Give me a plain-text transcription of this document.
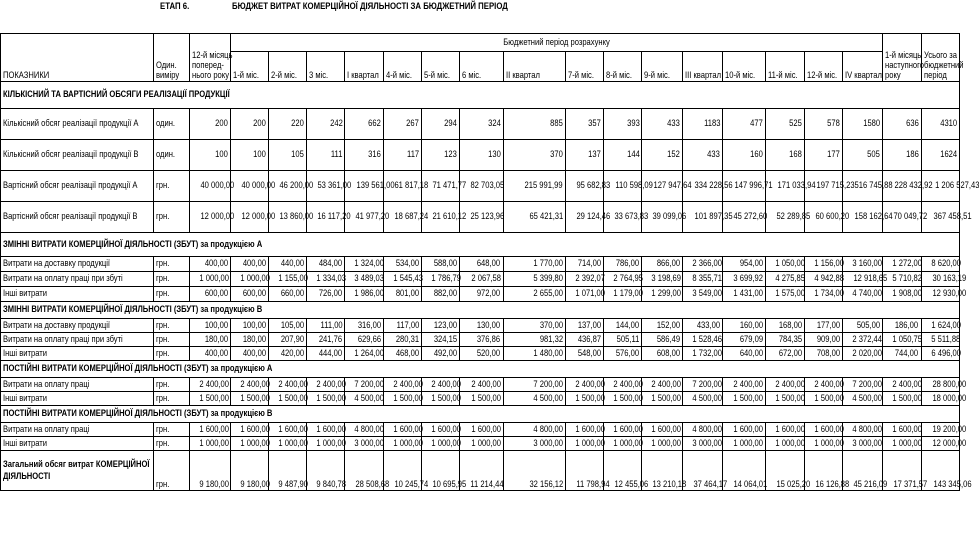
ЕТАП 6.	БЮДЖЕТ ВИТРАТ КОМЕРЦІЙНОЇ ДІЯЛЬНОСТІ ЗА БЮДЖЕТНИЙ ПЕРІОД
ПОКАЗНИКИ	Один.
виміру	12-й місяць
поперед-
нього року	Бюджетний період розрахунку																1-й місяць
наступного
року	Усього за
бюджетний
період
			1-й міс.	2-й міс.	3 міс.	I квартал	4-й міс.	5-й міс.	6 міс.	II квартал	7-й міс.	8-й міс.	9-й міс.	III квартал	10-й міс.	11-й міс.	12-й міс.	IV квартал		
КІЛЬКІСНИЙ ТА ВАРТІСНИЙ ОБСЯГИ РЕАЛІЗАЦІЇ ПРОДУКЦІЇ																				
Кількісний обсяг реалізації продукції А	один.	200	200	220	242	662	267	294	324	885	357	393	433	1183	477	525	578	1580	636	4310
Кількісний обсяг реалізації продукції В	один.	100	100	105	111	316	117	123	130	370	137	144	152	433	160	168	177	505	186	1624
Вартісний обсяг реалізації продукції А	грн.	40 000,00	40 000,00	46 200,00	53 361,00	139 561,00	61 817,18	71 471,77	82 703,05	215 991,99	95 682,83	110 598,09	127 947,64	334 228,56	147 996,71	171 033,94	197 715,23	516 745,88	228 432,92	1 206 527,43
Вартісний обсяг реалізації продукції В	грн.	12 000,00	12 000,00	13 860,00	16 117,20	41 977,20	18 687,24	21 610,12	25 123,96	65 421,31	29 124,46	33 673,83	39 099,06	101 897,35	45 272,60	52 289,85	60 600,20	158 162,64	70 049,72	367 458,51
ЗМІННІ ВИТРАТИ КОМЕРЦІЙНОЇ ДІЯЛЬНОСТІ (ЗБУТ) за продукцією А																				
Витрати на доставку продукції	грн.	400,00	400,00	440,00	484,00	1 324,00	534,00	588,00	648,00	1 770,00	714,00	786,00	866,00	2 366,00	954,00	1 050,00	1 156,00	3 160,00	1 272,00	8 620,00
Витрати на оплату праці при збуті	грн.	1 000,00	1 000,00	1 155,00	1 334,03	3 489,03	1 545,43	1 786,79	2 067,58	5 399,80	2 392,07	2 764,95	3 198,69	8 355,71	3 699,92	4 275,85	4 942,88	12 918,65	5 710,82	30 163,19
Інші витрати	грн.	600,00	600,00	660,00	726,00	1 986,00	801,00	882,00	972,00	2 655,00	1 071,00	1 179,00	1 299,00	3 549,00	1 431,00	1 575,00	1 734,00	4 740,00	1 908,00	12 930,00
ЗМІННІ ВИТРАТИ КОМЕРЦІЙНОЇ ДІЯЛЬНОСТІ (ЗБУТ) за продукцією В																				
Витрати на доставку продукції	грн.	100,00	100,00	105,00	111,00	316,00	117,00	123,00	130,00	370,00	137,00	144,00	152,00	433,00	160,00	168,00	177,00	505,00	186,00	1 624,00
Витрати на оплату праці при збуті	грн.	180,00	180,00	207,90	241,76	629,66	280,31	324,15	376,86	981,32	436,87	505,11	586,49	1 528,46	679,09	784,35	909,00	2 372,44	1 050,75	5 511,88
Інші витрати	грн.	400,00	400,00	420,00	444,00	1 264,00	468,00	492,00	520,00	1 480,00	548,00	576,00	608,00	1 732,00	640,00	672,00	708,00	2 020,00	744,00	6 496,00
ПОСТІЙНІ ВИТРАТИ КОМЕРЦІЙНОЇ ДІЯЛЬНОСТІ (ЗБУТ) за продукцією А																				
Витрати на оплату праці	грн.	2 400,00	2 400,00	2 400,00	2 400,00	7 200,00	2 400,00	2 400,00	2 400,00	7 200,00	2 400,00	2 400,00	2 400,00	7 200,00	2 400,00	2 400,00	2 400,00	7 200,00	2 400,00	28 800,00
Інші витрати	грн.	1 500,00	1 500,00	1 500,00	1 500,00	4 500,00	1 500,00	1 500,00	1 500,00	4 500,00	1 500,00	1 500,00	1 500,00	4 500,00	1 500,00	1 500,00	1 500,00	4 500,00	1 500,00	18 000,00
ПОСТІЙНІ ВИТРАТИ КОМЕРЦІЙНОЇ ДІЯЛЬНОСТІ (ЗБУТ) за продукцією В																				
Витрати на оплату праці	грн.	1 600,00	1 600,00	1 600,00	1 600,00	4 800,00	1 600,00	1 600,00	1 600,00	4 800,00	1 600,00	1 600,00	1 600,00	4 800,00	1 600,00	1 600,00	1 600,00	4 800,00	1 600,00	19 200,00
Інші витрати	грн.	1 000,00	1 000,00	1 000,00	1 000,00	3 000,00	1 000,00	1 000,00	1 000,00	3 000,00	1 000,00	1 000,00	1 000,00	3 000,00	1 000,00	1 000,00	1 000,00	3 000,00	1 000,00	12 000,00
Загальний обсяг витрат КОМЕРЦІЙНОЇ
ДІЯЛЬНОСТІ	грн.	9 180,00	9 180,00	9 487,90	9 840,78	28 508,68	10 245,74	10 695,95	11 214,44	32 156,12	11 798,94	12 455,06	13 210,18	37 464,17	14 064,01	15 025,20	16 126,88	45 216,09	17 371,57	143 345,06
